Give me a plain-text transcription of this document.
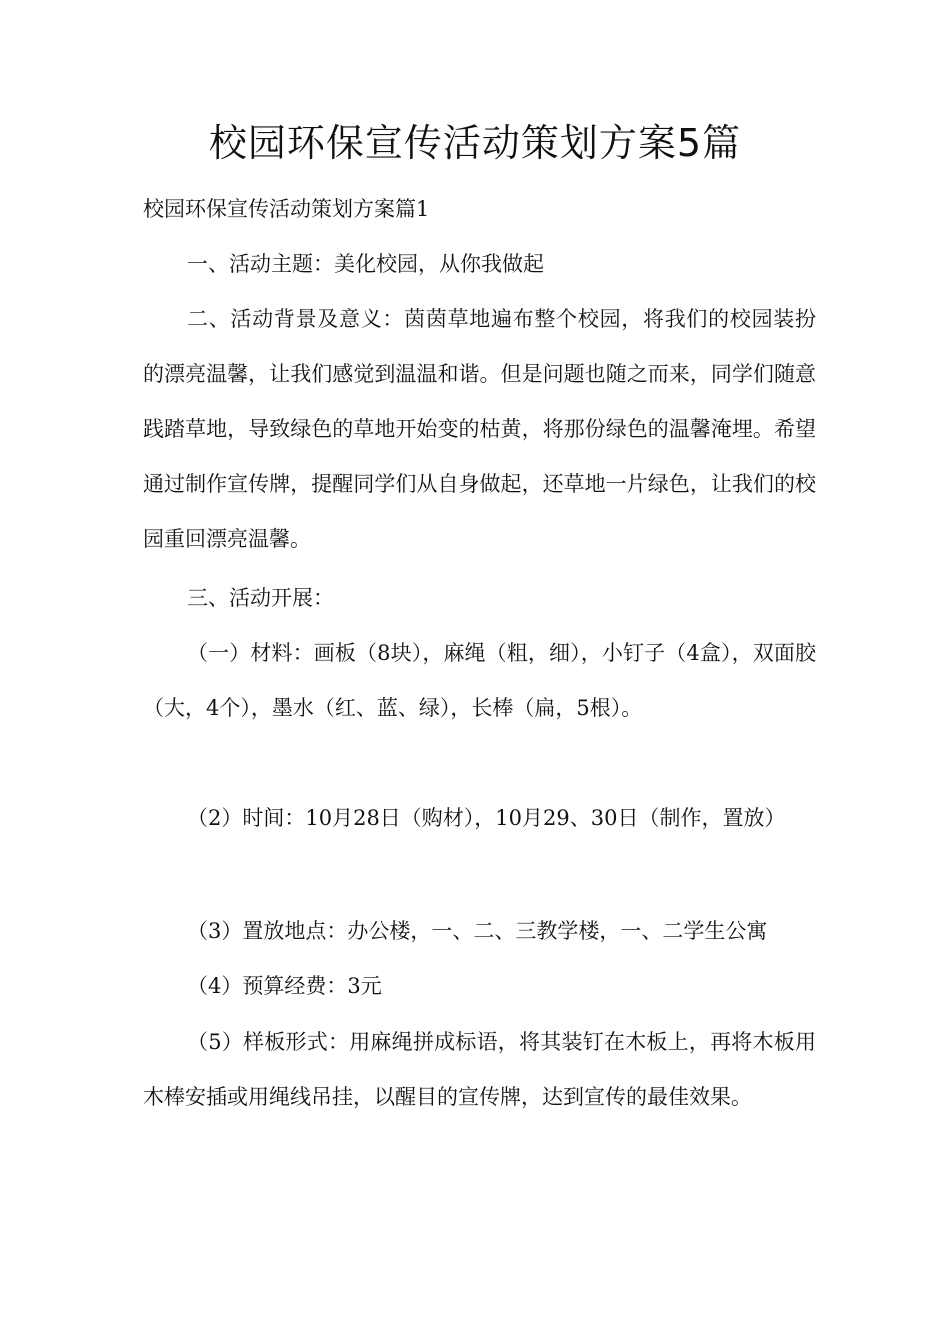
校园环保宣传活动策划方案5篇
校园环保宣传活动策划方案篇1

一、活动主题：美化校园，从你我做起

二、活动背景及意义：茵茵草地遍布整个校园，将我们的校园装扮的漂亮温馨，让我们感觉到温温和谐。但是问题也随之而来，同学们随意践踏草地，导致绿色的草地开始变的枯黄，将那份绿色的温馨淹埋。希望通过制作宣传牌，提醒同学们从自身做起，还草地一片绿色，让我们的校园重回漂亮温馨。

三、活动开展：

（一）材料：画板（8块），麻绳（粗，细），小钉子（4盒），双面胶（大，4个），墨水（红、蓝、绿），长棒（扁，5根）。

（2）时间：10月28日（购材），10月29、30日（制作，置放）

（3）置放地点：办公楼，一、二、三教学楼，一、二学生公寓

（4）预算经费：3元

（5）样板形式：用麻绳拼成标语，将其装钉在木板上，再将木板用木棒安插或用绳线吊挂，以醒目的宣传牌，达到宣传的最佳效果。
